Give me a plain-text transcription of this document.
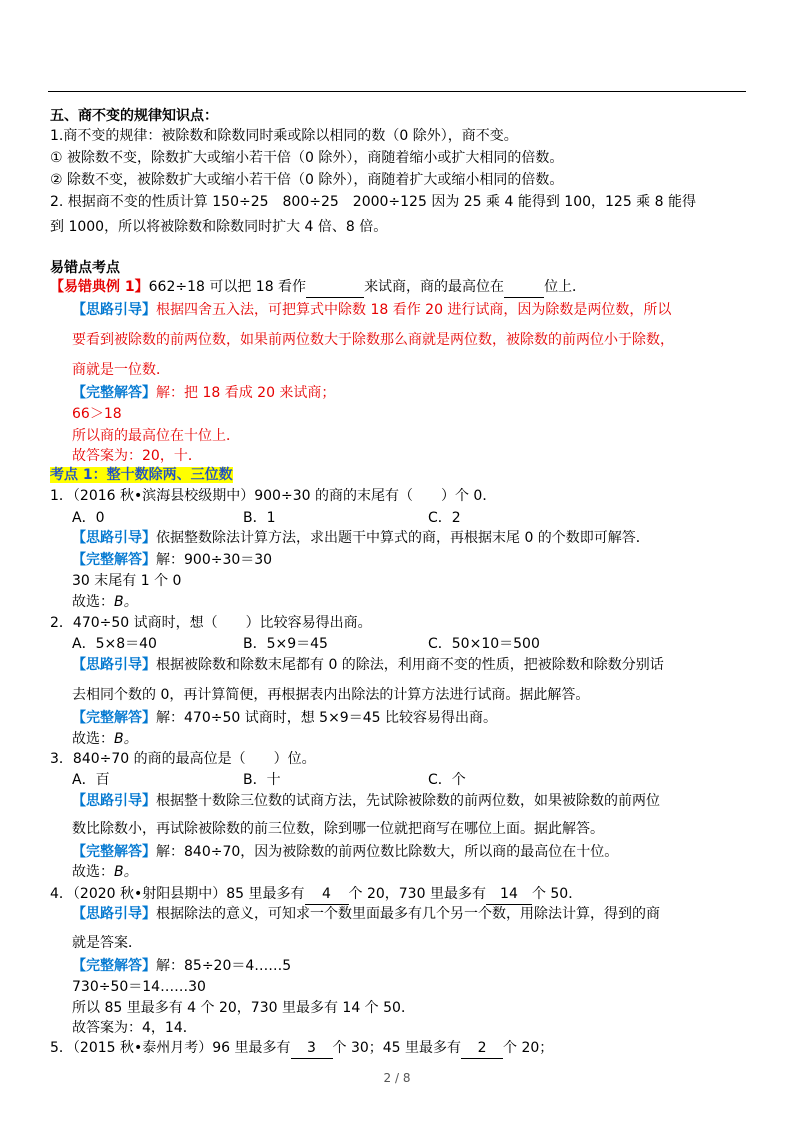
五、商不变的规律知识点：
1.商不变的规律：被除数和除数同时乘或除以相同的数（0 除外），商不变。
① 被除数不变，除数扩大或缩小若干倍（0 除外），商随着缩小或扩大相同的倍数。
② 除数不变，被除数扩大或缩小若干倍（0 除外），商随着扩大或缩小相同的倍数。
2. 根据商不变的性质计算 150÷25　800÷25　2000÷125 因为 25 乘 4 能得到 100，125 乘 8 能得
到 1000，所以将被除数和除数同时扩大 4 倍、8 倍。
易错点考点
【易错典例 1】662÷18 可以把 18 看作	来试商，商的最高位在	位上．
【思路引导】根据四舍五入法，可把算式中除数 18 看作 20 进行试商，因为除数是两位数，所以
要看到被除数的前两位数，如果前两位数大于除数那么商就是两位数，被除数的前两位小于除数，
商就是一位数．
【完整解答】解：把 18 看成 20 来试商；
66＞18
所以商的最高位在十位上．
故答案为：20，十．
考点 1：整十数除两、三位数
1．（2016 秋•滨海县校级期中）900÷30 的商的末尾有（　　）个 0．
A．0	B．1	C．2
【思路引导】依据整数除法计算方法，求出题干中算式的商，再根据末尾 0 的个数即可解答．
【完整解答】解：900÷30＝30
30 末尾有 1 个 0
故选：B。
2．470÷50 试商时，想（　　）比较容易得出商。
A．5×8＝40	B．5×9＝45	C．50×10＝500
【思路引导】根据被除数和除数末尾都有 0 的除法，利用商不变的性质，把被除数和除数分别话
去相同个数的 0，再计算简便，再根据表内出除法的计算方法进行试商。据此解答。
【完整解答】解：470÷50 试商时，想 5×9＝45 比较容易得出商。
故选：B。
3．840÷70 的商的最高位是（　　）位。
A．百	B．十	C．个
【思路引导】根据整十数除三位数的试商方法，先试除被除数的前两位数，如果被除数的前两位
数比除数小，再试除被除数的前三位数，除到哪一位就把商写在哪位上面。据此解答。
【完整解答】解：840÷70，因为被除数的前两位数比除数大，所以商的最高位在十位。
故选：B。
4．（2020 秋•射阳县期中）85 里最多有 4 个 20，730 里最多有 14 个 50．
【思路引导】根据除法的意义，可知求一个数里面最多有几个另一个数，用除法计算，得到的商
就是答案．
【完整解答】解：85÷20＝4……5
730÷50＝14……30
所以 85 里最多有 4 个 20，730 里最多有 14 个 50．
故答案为：4，14．
5．（2015 秋•泰州月考）96 里最多有 3 个 30；45 里最多有 2 个 20；
2 / 8
